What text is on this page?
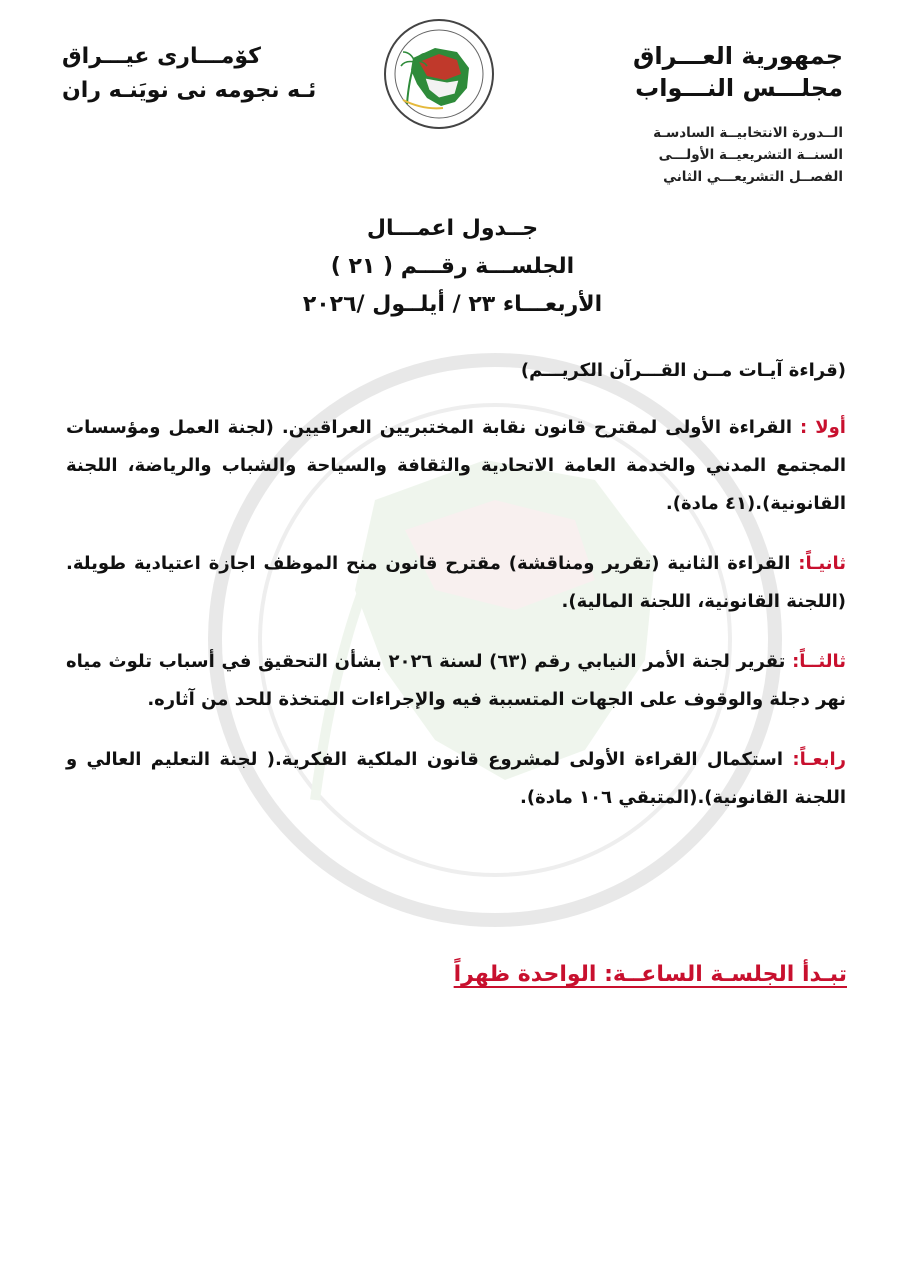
جمهورية العـــراق
مجلـــس النـــواب
الــدورة الانتخابيــة السادسـة
السنــة التشريعيــة الأولـــى
الفصــل التشريعـــي الثاني
كۆمـــارى عيـــراق
ئـه نجومه نى نويَنـه ران
جــدول اعمـــال
الجلســـة رقـــم ( ٢١ )
الأربعـــاء ٢٣ / أيلــول /٢٠٢٦
(قراءة آيـات مــن القـــرآن الكريـــم)
أولا : القراءة الأولى لمقترح قانون نقابة المختبريين العراقيين. (لجنة العمل ومؤسسات المجتمع المدني والخدمة العامة الاتحادية والثقافة والسياحة والشباب والرياضة، اللجنة القانونية).(٤١ مادة).
ثانيـاً: القراءة الثانية (تقرير ومناقشة) مقترح قانون منح الموظف اجازة اعتيادية طويلة. (اللجنة القانونية، اللجنة المالية).
ثالثــاً: تقرير لجنة الأمر النيابي رقم (٦٣) لسنة ٢٠٢٦ بشأن التحقيق في أسباب تلوث مياه نهر دجلة والوقوف على الجهات المتسببة فيه والإجراءات المتخذة للحد من آثاره.
رابعـاً: استكمال القراءة الأولى لمشروع قانون الملكية الفكرية.( لجنة التعليم العالي و اللجنة القانونية).(المتبقي ١٠٦ مادة).
تبـدأ الجلسـة الساعــة: الواحدة ظهراً
